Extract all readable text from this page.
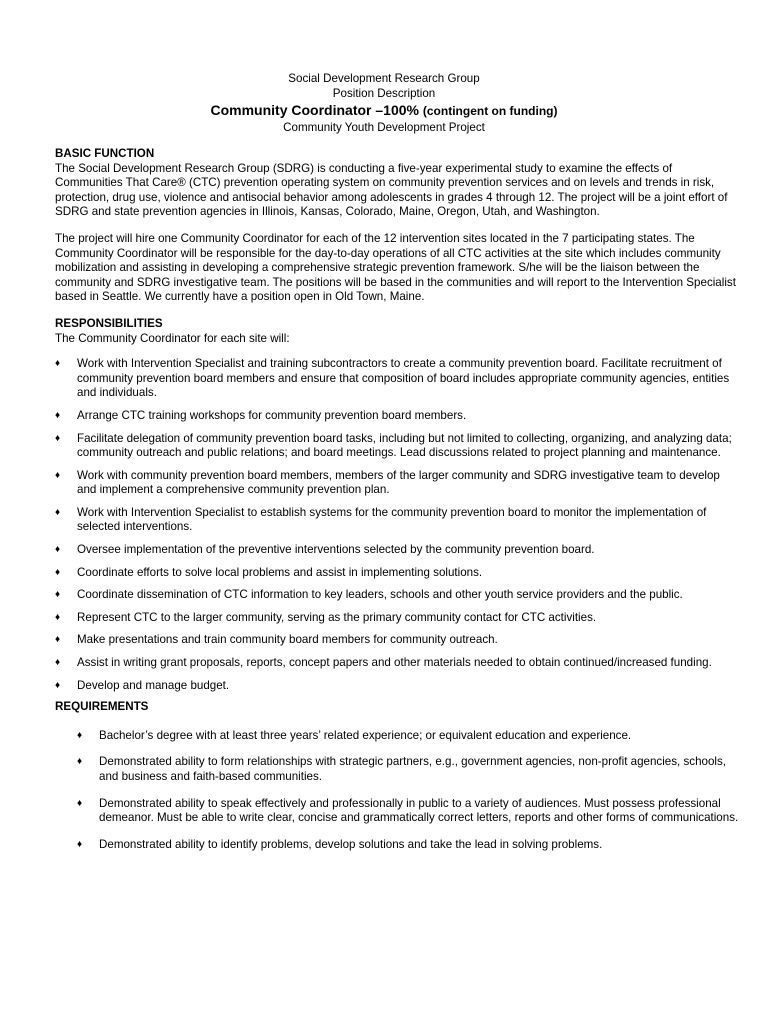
Social Development Research Group
Position Description
Community Coordinator –100% (contingent on funding)
Community Youth Development Project

BASIC FUNCTION

The Social Development Research Group (SDRG) is conducting a five-year experimental study to examine the effects of Communities That Care® (CTC) prevention operating system on community prevention services and on levels and trends in risk, protection, drug use, violence and antisocial behavior among adolescents in grades 4 through 12. The project will be a joint effort of SDRG and state prevention agencies in Illinois, Kansas, Colorado, Maine, Oregon, Utah, and Washington.

The project will hire one Community Coordinator for each of the 12 intervention sites located in the 7 participating states. The Community Coordinator will be responsible for the day-to-day operations of all CTC activities at the site which includes community mobilization and assisting in developing a comprehensive strategic prevention framework. S/he will be the liaison between the community and SDRG investigative team. The positions will be based in the communities and will report to the Intervention Specialist based in Seattle. We currently have a position open in Old Town, Maine.

RESPONSIBILITIES

The Community Coordinator for each site will:

♦ Work with Intervention Specialist and training subcontractors to create a community prevention board. Facilitate recruitment of community prevention board members and ensure that composition of board includes appropriate community agencies, entities and individuals.
♦ Arrange CTC training workshops for community prevention board members.
♦ Facilitate delegation of community prevention board tasks, including but not limited to collecting, organizing, and analyzing data; community outreach and public relations; and board meetings. Lead discussions related to project planning and maintenance.
♦ Work with community prevention board members, members of the larger community and SDRG investigative team to develop and implement a comprehensive community prevention plan.
♦ Work with Intervention Specialist to establish systems for the community prevention board to monitor the implementation of selected interventions.
♦ Oversee implementation of the preventive interventions selected by the community prevention board.
♦ Coordinate efforts to solve local problems and assist in implementing solutions.
♦ Coordinate dissemination of CTC information to key leaders, schools and other youth service providers and the public.
♦ Represent CTC to the larger community, serving as the primary community contact for CTC activities.
♦ Make presentations and train community board members for community outreach.
♦ Assist in writing grant proposals, reports, concept papers and other materials needed to obtain continued/increased funding.
♦ Develop and manage budget.

REQUIREMENTS

♦ Bachelor’s degree with at least three years’ related experience; or equivalent education and experience.
♦ Demonstrated ability to form relationships with strategic partners, e.g., government agencies, non-profit agencies, schools, and business and faith-based communities.
♦ Demonstrated ability to speak effectively and professionally in public to a variety of audiences. Must possess professional demeanor. Must be able to write clear, concise and grammatically correct letters, reports and other forms of communications.
♦ Demonstrated ability to identify problems, develop solutions and take the lead in solving problems.
